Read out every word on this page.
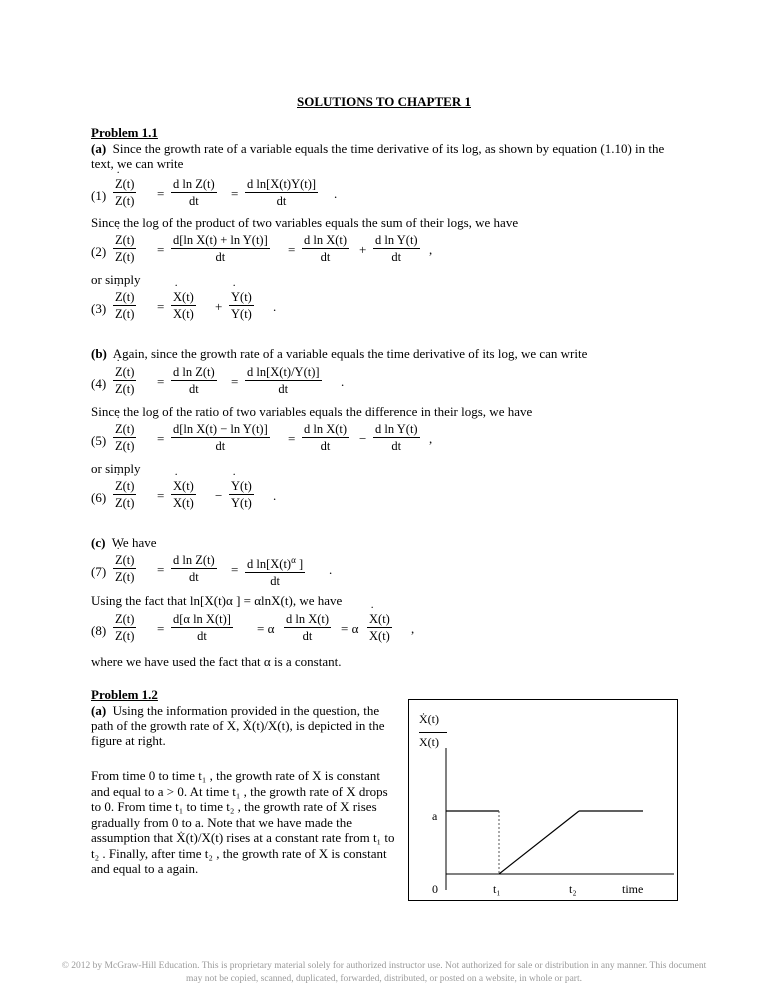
SOLUTIONS TO CHAPTER 1
Problem 1.1
(a) Since the growth rate of a variable equals the time derivative of its log, as shown by equation (1.10) in the text, we can write
(1) ˙ $\frac{Z(t)}{Z(t)} = \frac{\text{d ln Z(t)}}{dt} = \frac{\text{d ln[X(t)Y(t)]}}{dt}$ .
Since the log of the product of two variables equals the sum of their logs, we have
(2) ˙ $\frac{Z(t)}{Z(t)} = \frac{\text{d[ln X(t) + ln Y(t)]}}{dt} = \frac{\text{d ln X(t)}}{dt} + \frac{\text{d ln Y(t)}}{dt}$ ,
or simply
(3) ˙ $\frac{Z(t)}{Z(t)}$ = ˙ $\frac{X(t)}{X(t)}$ + ˙ $\frac{Y(t)}{Y(t)}$ .
(b) Again, since the growth rate of a variable equals the time derivative of its log, we can write
(4) ˙ $\frac{Z(t)}{Z(t)} = \frac{\text{d ln Z(t)}}{dt} = \frac{\text{d ln[X(t)/Y(t)]}}{dt}$ .
Since the log of the ratio of two variables equals the difference in their logs, we have
(5) ˙ $\frac{Z(t)}{Z(t)} = \frac{\text{d[ln X(t) − ln Y(t)]}}{dt} = \frac{\text{d ln X(t)}}{dt} - \frac{\text{d ln Y(t)}}{dt}$ ,
or simply
(6) ˙ $\frac{Z(t)}{Z(t)}$ = ˙ $\frac{X(t)}{X(t)}$ − ˙ $\frac{Y(t)}{Y(t)}$ .
(c) We have
(7) ˙ $\frac{Z(t)}{Z(t)} = \frac{\text{d ln Z(t)}}{dt} = \frac{d \ln[X(t)^\alpha ]}{dt}$ .
Using the fact that ln[X(t)α ] = αlnX(t), we have
(8) ˙ $\frac{Z(t)}{Z(t)} = \frac{\text{d[α ln X(t)]}}{dt} = \alpha \frac{\text{d ln X(t)}}{dt} = \alpha$ ˙ $\frac{X(t)}{X(t)}$ ,
where we have used the fact that α is a constant.
Problem 1.2
(a) Using the information provided in the question, the path of the growth rate of X, Ẋ(t)/X(t), is depicted in the figure at right.
From time 0 to time t₁ , the growth rate of X is constant and equal to a > 0. At time t₁ , the growth rate of X drops to 0. From time t₁ to time t₂ , the growth rate of X rises gradually from 0 to a. Note that we have made the assumption that Ẋ(t)/X(t) rises at a constant rate from t₁ to t₂ . Finally, after time t₂ , the growth rate of X is constant and equal to a again.
Ẋ(t)
X(t)
a
0	t₁	t₂	time
© 2012 by McGraw-Hill Education. This is proprietary material solely for authorized instructor use. Not authorized for sale or distribution in any manner. This document may not be copied, scanned, duplicated, forwarded, distributed, or posted on a website, in whole or part.
